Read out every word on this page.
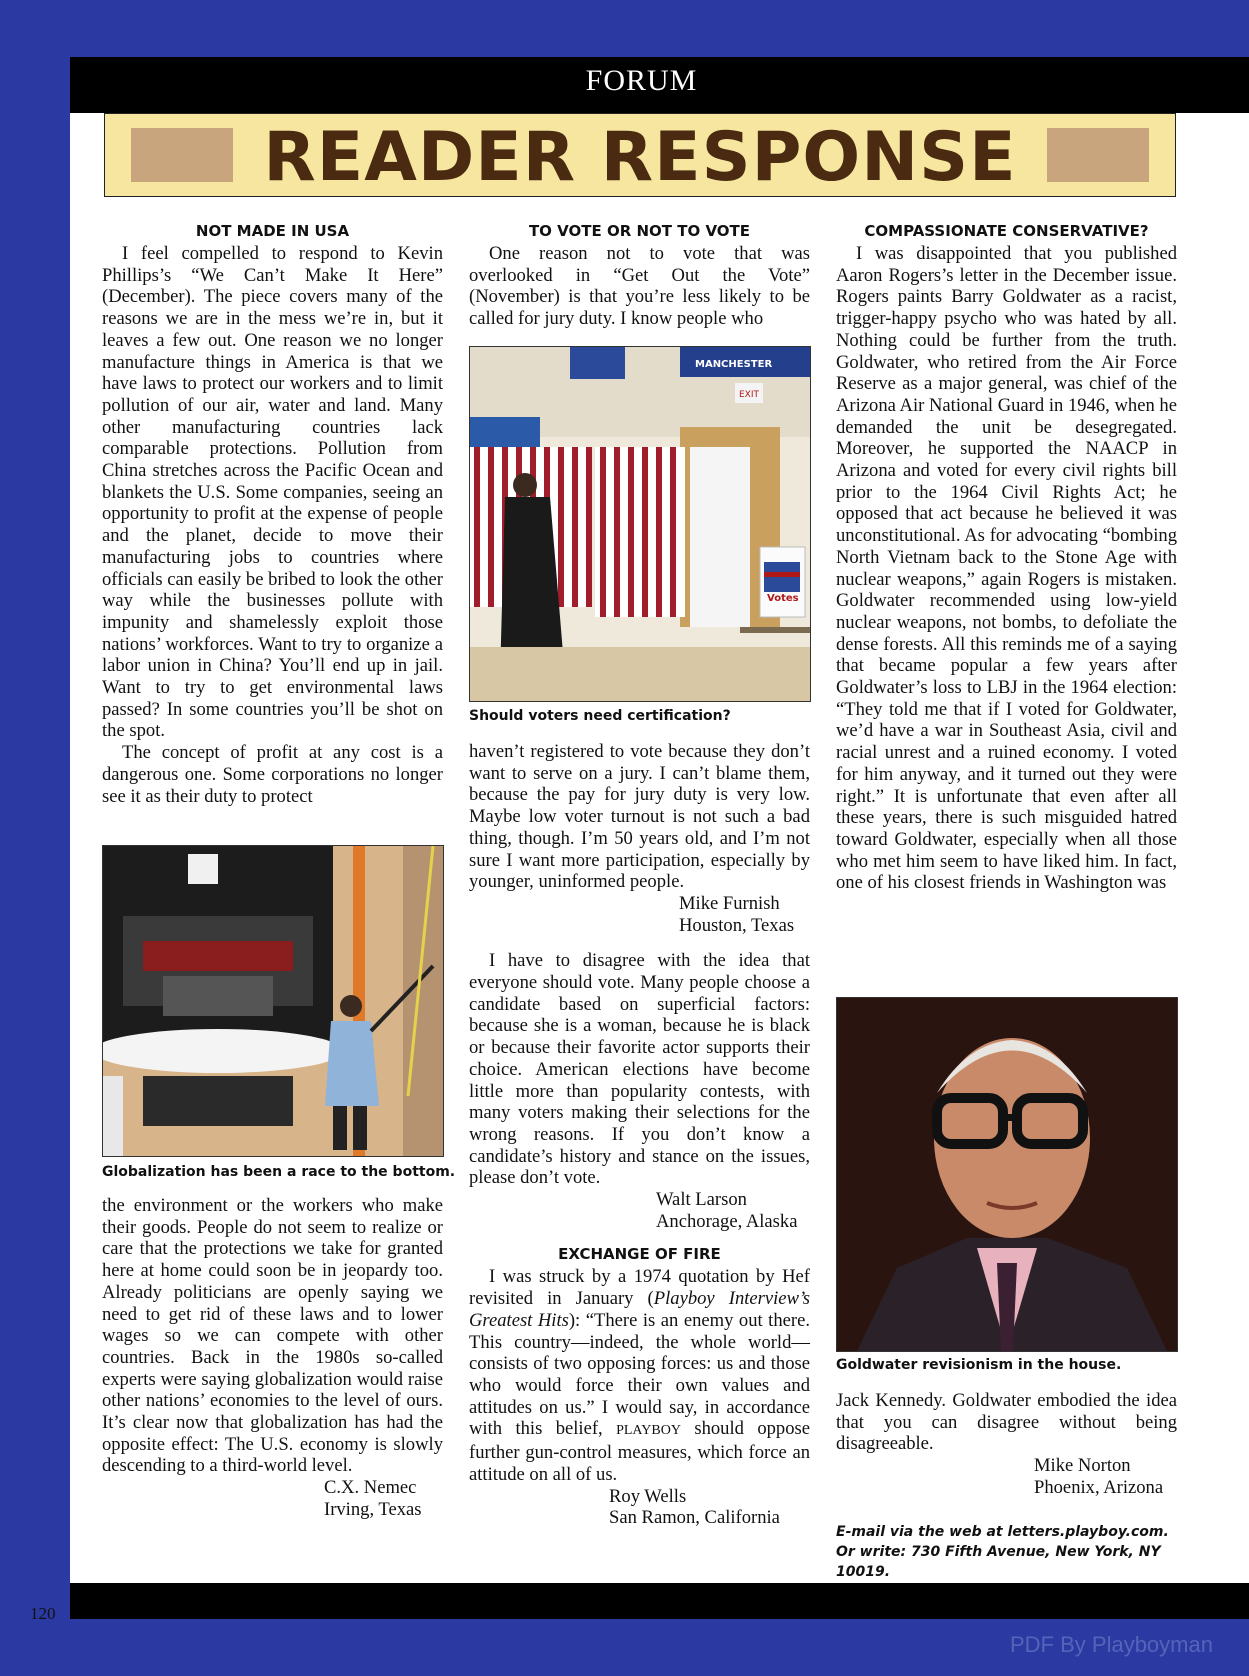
FORUM
READER RESPONSE
NOT MADE IN USA

I feel compelled to respond to Kevin Phillips’s “We Can’t Make It Here” (December). The piece covers many of the reasons we are in the mess we’re in, but it leaves a few out. One reason we no longer manufacture things in America is that we have laws to protect our workers and to limit pollution of our air, water and land. Many other manufacturing countries lack comparable protections. Pollution from China stretches across the Pacific Ocean and blankets the U.S. Some companies, seeing an opportunity to profit at the expense of people and the planet, decide to move their manufacturing jobs to countries where officials can easily be bribed to look the other way while the businesses pollute with impunity and shamelessly exploit those nations’ workforces. Want to try to organize a labor union in China? You’ll end up in jail. Want to try to get environmental laws passed? In some countries you’ll be shot on the spot.

The concept of profit at any cost is a dangerous one. Some corporations no longer see it as their duty to protect

Globalization has been a race to the bottom.

the environment or the workers who make their goods. People do not seem to realize or care that the protections we take for granted here at home could soon be in jeopardy too. Already politicians are openly saying we need to get rid of these laws and to lower wages so we can compete with other countries. Back in the 1980s so-called experts were saying globalization would raise other nations’ economies to the level of ours. It’s clear now that globalization has had the opposite effect: The U.S. economy is slowly descending to a third-world level.

C.X. Nemec
Irving, Texas
TO VOTE OR NOT TO VOTE

One reason not to vote that was overlooked in “Get Out the Vote” (November) is that you’re less likely to be called for jury duty. I know people who

MANCHESTER
EXIT
Votes
Should voters need certification?

haven’t registered to vote because they don’t want to serve on a jury. I can’t blame them, because the pay for jury duty is very low. Maybe low voter turnout is not such a bad thing, though. I’m 50 years old, and I’m not sure I want more participation, especially by younger, uninformed people.

Mike Furnish
Houston, Texas

I have to disagree with the idea that everyone should vote. Many people choose a candidate based on superficial factors: because she is a woman, because he is black or because their favorite actor supports their choice. American elections have become little more than popularity contests, with many voters making their selections for the wrong reasons. If you don’t know a candidate’s history and stance on the issues, please don’t vote.

Walt Larson
Anchorage, Alaska
EXCHANGE OF FIRE

I was struck by a 1974 quotation by Hef revisited in January (Playboy Interview’s Greatest Hits): “There is an enemy out there. This country—indeed, the whole world—consists of two opposing forces: us and those who would force their own values and attitudes on us.” I would say, in accordance with this belief, PLAYBOY should oppose further gun-control measures, which force an attitude on all of us.

Roy Wells
San Ramon, California
COMPASSIONATE CONSERVATIVE?

I was disappointed that you published Aaron Rogers’s letter in the December issue. Rogers paints Barry Goldwater as a racist, trigger-happy psycho who was hated by all. Nothing could be further from the truth. Goldwater, who retired from the Air Force Reserve as a major general, was chief of the Arizona Air National Guard in 1946, when he demanded the unit be desegregated. Moreover, he supported the NAACP in Arizona and voted for every civil rights bill prior to the 1964 Civil Rights Act; he opposed that act because he believed it was unconstitutional. As for advocating “bombing North Vietnam back to the Stone Age with nuclear weapons,” again Rogers is mistaken. Goldwater recommended using low-yield nuclear weapons, not bombs, to defoliate the dense forests. All this reminds me of a saying that became popular a few years after Goldwater’s loss to LBJ in the 1964 election: “They told me that if I voted for Goldwater, we’d have a war in Southeast Asia, civil and racial unrest and a ruined economy. I voted for him anyway, and it turned out they were right.” It is unfortunate that even after all these years, there is such misguided hatred toward Goldwater, especially when all those who met him seem to have liked him. In fact, one of his closest friends in Washington was

Goldwater revisionism in the house.

Jack Kennedy. Goldwater embodied the idea that you can disagree without being disagreeable.

Mike Norton
Phoenix, Arizona
E-mail via the web at letters.playboy.com. Or write: 730 Fifth Avenue, New York, NY 10019.
120
PDF By Playboyman
